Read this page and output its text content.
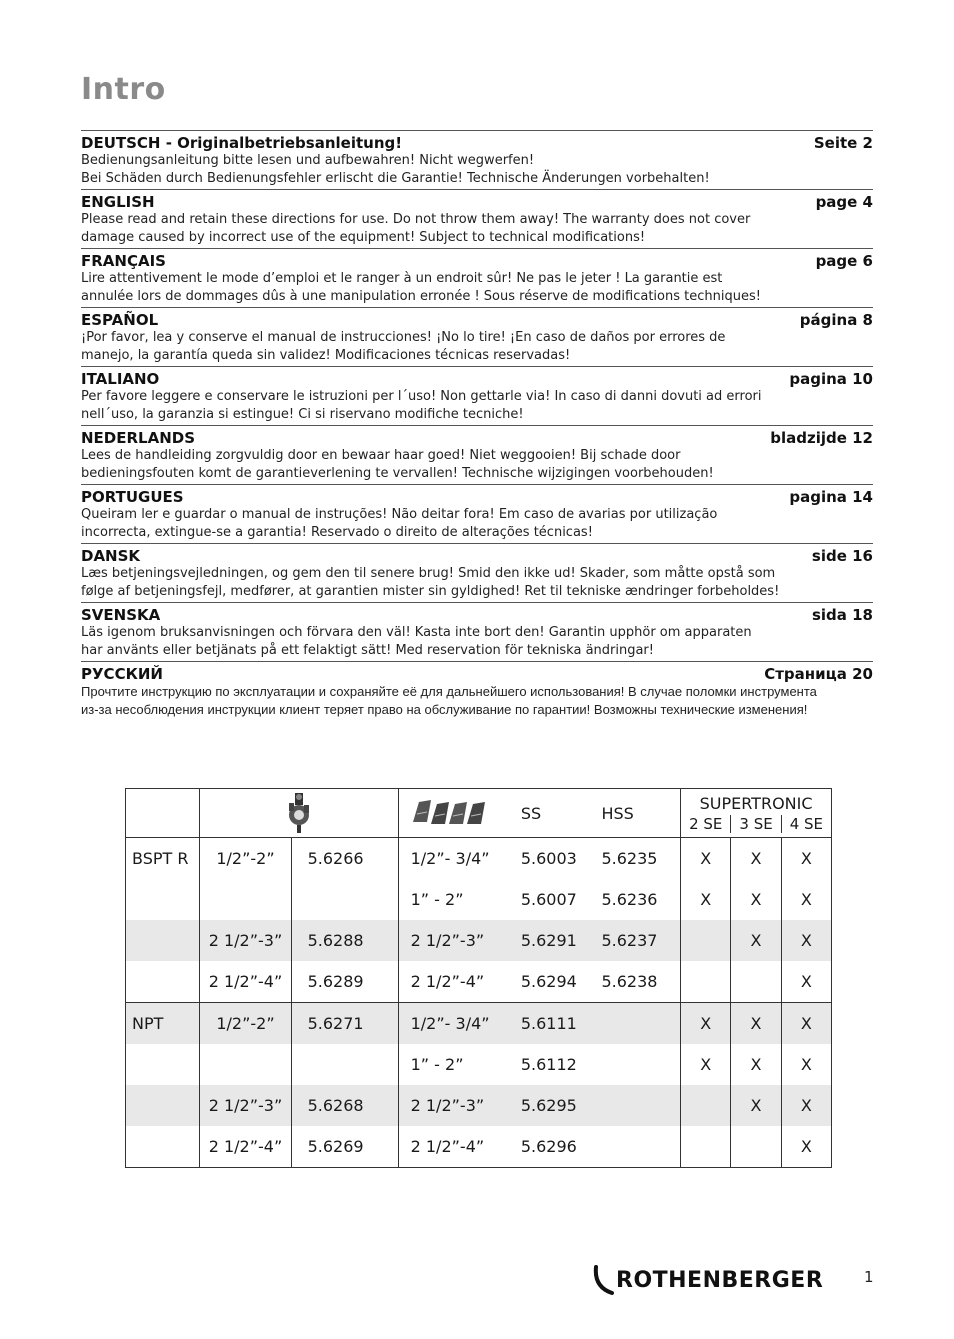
Intro
DEUTSCH - Originalbetriebsanleitung!	Seite 2
Bedienungsanleitung bitte lesen und aufbewahren! Nicht wegwerfen!
Bei Schäden durch Bedienungsfehler erlischt die Garantie! Technische Änderungen vorbehalten!
ENGLISH	page 4
Please read and retain these directions for use. Do not throw them away! The warranty does not cover
damage caused by incorrect use of the equipment! Subject to technical modifications!
FRANÇAIS	page 6
Lire attentivement le mode d’emploi et le ranger à un endroit sûr! Ne pas le jeter ! La garantie est
annulée lors de dommages dûs à une manipulation erronée ! Sous réserve de modifications techniques!
ESPAÑOL	página 8
¡Por favor, lea y conserve el manual de instrucciones! ¡No lo tire! ¡En caso de daños por errores de
manejo, la garantía queda sin validez! Modificaciones técnicas reservadas!
ITALIANO	pagina 10
Per favore leggere e conservare le istruzioni per l´uso! Non gettarle via! In caso di danni dovuti ad errori
nell´uso, la garanzia si estingue! Ci si riservano modifiche tecniche!
NEDERLANDS	bladzijde 12
Lees de handleiding zorgvuldig door en bewaar haar goed! Niet weggooien! Bij schade door
bedieningsfouten komt de garantieverlening te vervallen! Technische wijzigingen voorbehouden!
PORTUGUES	pagina 14
Queiram ler e guardar o manual de instruções! Não deitar fora! Em caso de avarias por utilização
incorrecta, extingue-se a garantia! Reservado o direito de alterações técnicas!
DANSK	side 16
Læs betjeningsvejledningen, og gem den til senere brug! Smid den ikke ud! Skader, som måtte opstå som
følge af betjeningsfejl, medfører, at garantien mister sin gyldighed! Ret til tekniske ændringer forbeholdes!
SVENSKA	sida 18
Läs igenom bruksanvisningen och förvara den väl! Kasta inte bort den! Garantin upphör om apparaten
har använts eller betjänats på ett felaktigt sätt! Med reservation för tekniska ändringar!
РУССКИЙ	Страница 20
Прочтите инструкцию по эксплуатации и сохраняйте её для дальнейшего использования! В случае поломки инструмента
из-за несоблюдения инструкции клиент теряет право на обслуживание по гарантии! Возможны технические изменения!
			SS	HSS	SUPERTRONIC
2 SE 3 SE 4 SE		

BSPT R	1/2”-2”	5.6266	1/2”- 3/4”	5.6003	5.6235	X	X	X
			1” - 2”	5.6007	5.6236	X	X	X
	2 1/2”-3”	5.6288	2 1/2”-3”	5.6291	5.6237		X	X
	2 1/2”-4”	5.6289	2 1/2”-4”	5.6294	5.6238			X
NPT	1/2”-2”	5.6271	1/2”- 3/4”	5.6111		X	X	X
			1” - 2”	5.6112		X	X	X
	2 1/2”-3”	5.6268	2 1/2”-3”	5.6295			X	X
	2 1/2”-4”	5.6269	2 1/2”-4”	5.6296				X
ROTHENBERGER	1
